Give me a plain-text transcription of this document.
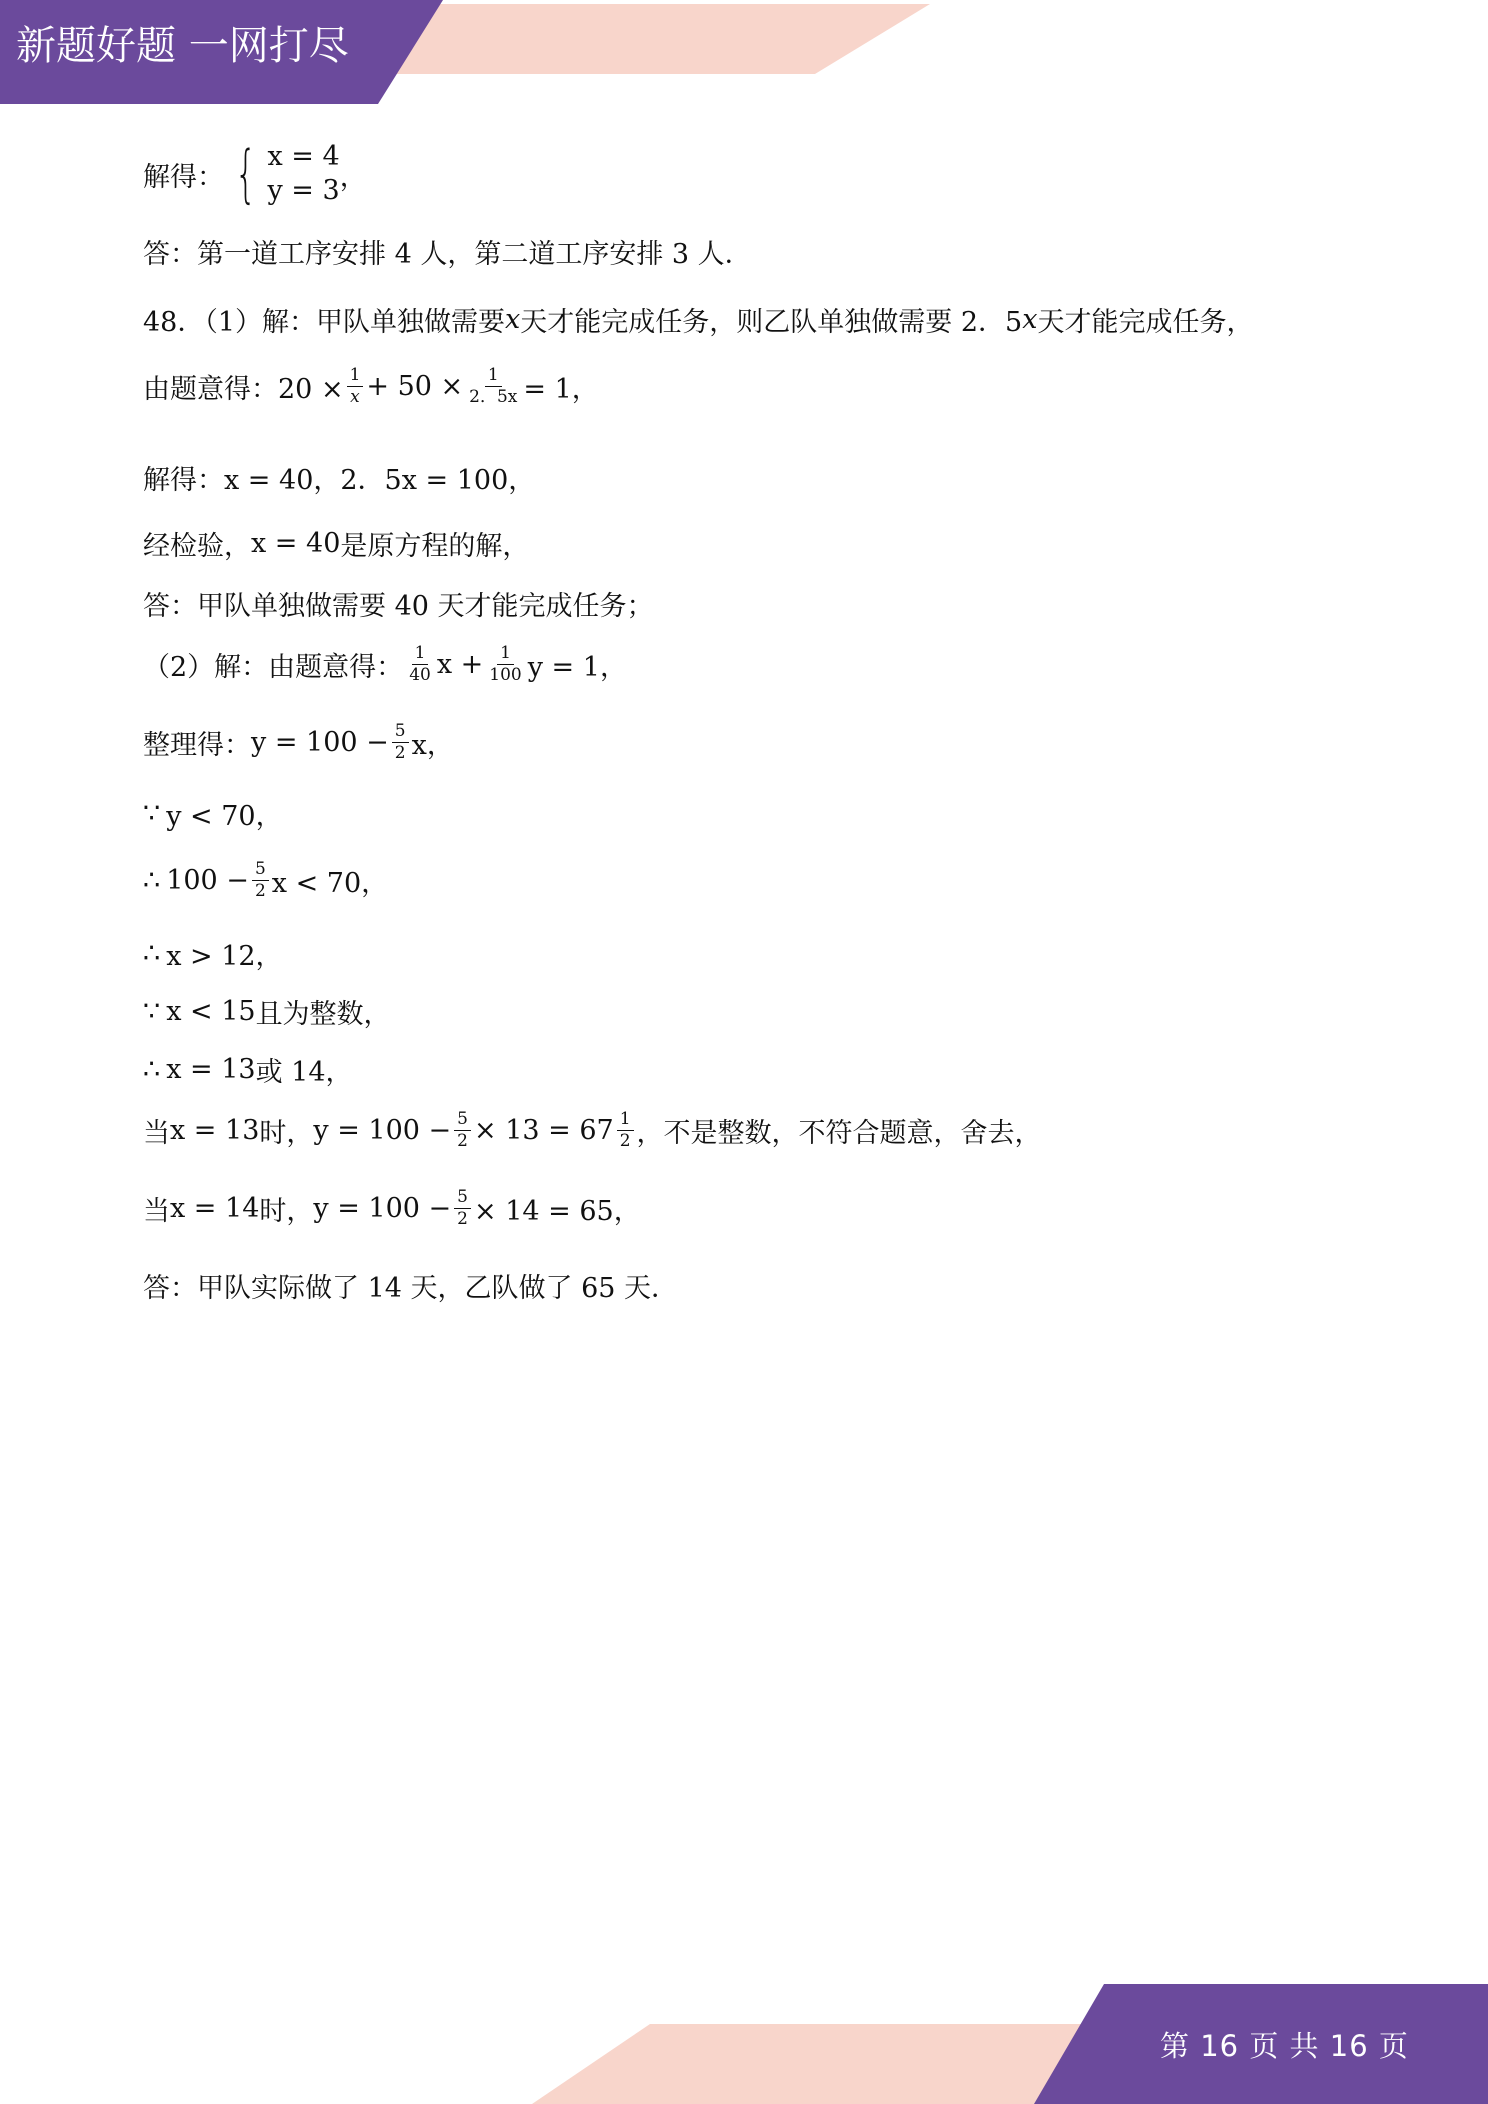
新题好题 一网打尽
解得： { x = 4
y = 3 ，
答：第一道工序安排 4 人，第二道工序安排 3 人．
48．（1）解：甲队单独做需要 x 天才能完成任务，则乙队单独做需要 2．5 x 天才能完成任务，
由题意得：$20 \times \frac{1}{x} + 50 \times \frac{1}{2.5x} = 1$，
解得： x = 40，2．5x = 100，
经检验， x = 40 是原方程的解，
答：甲队单独做需要 40 天才能完成任务；
（2）解：由题意得： $\frac{1}{40}$ $x + \frac{1}{100}$ y = 1，
整理得： $y = 100 - \frac{5}{2}$ x，
∵ y < 70，
∴ $100 - \frac{5}{2}$ x < 70，
∴ x > 12，
∵ x < 15 且为整数，
∴ x = 13 或 14，
当 x = 13 时， $y = 100 - \frac{5}{2} \times 13 = 67 \frac{1}{2}$ ，不是整数，不符合题意，舍去，
当 x = 14 时， $y = 100 - \frac{5}{2} \times 14 = 65$，
答：甲队实际做了 14 天，乙队做了 65 天．
第 16 页 共 16 页
